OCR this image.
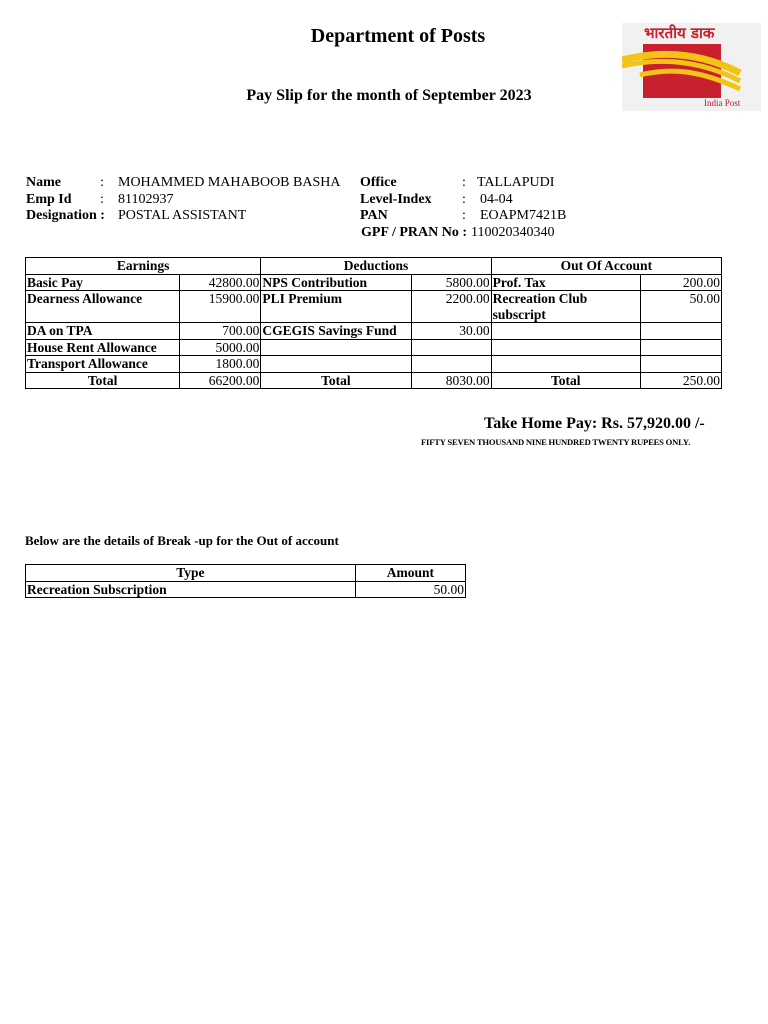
Department of Posts
Pay Slip for the month of September 2023
भारतीय डाक
India Post
Name	: MOHAMMED MAHABOOB BASHA
Emp Id : 81102937
Designation : POSTAL ASSISTANT
Office	: TALLAPUDI
Level-Index : 04-04
PAN	: EOAPM7421B
GPF / PRAN No : 110020340340
Earnings		Deductions		Out Of Account	
Basic Pay	42800.00	NPS Contribution	5800.00	Prof. Tax	200.00
Dearness Allowance	15900.00	PLI Premium	2200.00	Recreation Club subscript	50.00
DA on TPA	700.00	CGEGIS Savings Fund	30.00		
House Rent Allowance	5000.00				
Transport Allowance	1800.00				
Total	66200.00	Total	8030.00	Total	250.00
Take Home Pay: Rs. 57,920.00 /-
FIFTY SEVEN THOUSAND NINE HUNDRED TWENTY RUPEES ONLY.
Below are the details of Break -up for the Out of account
Type	Amount
Recreation Subscription	50.00
